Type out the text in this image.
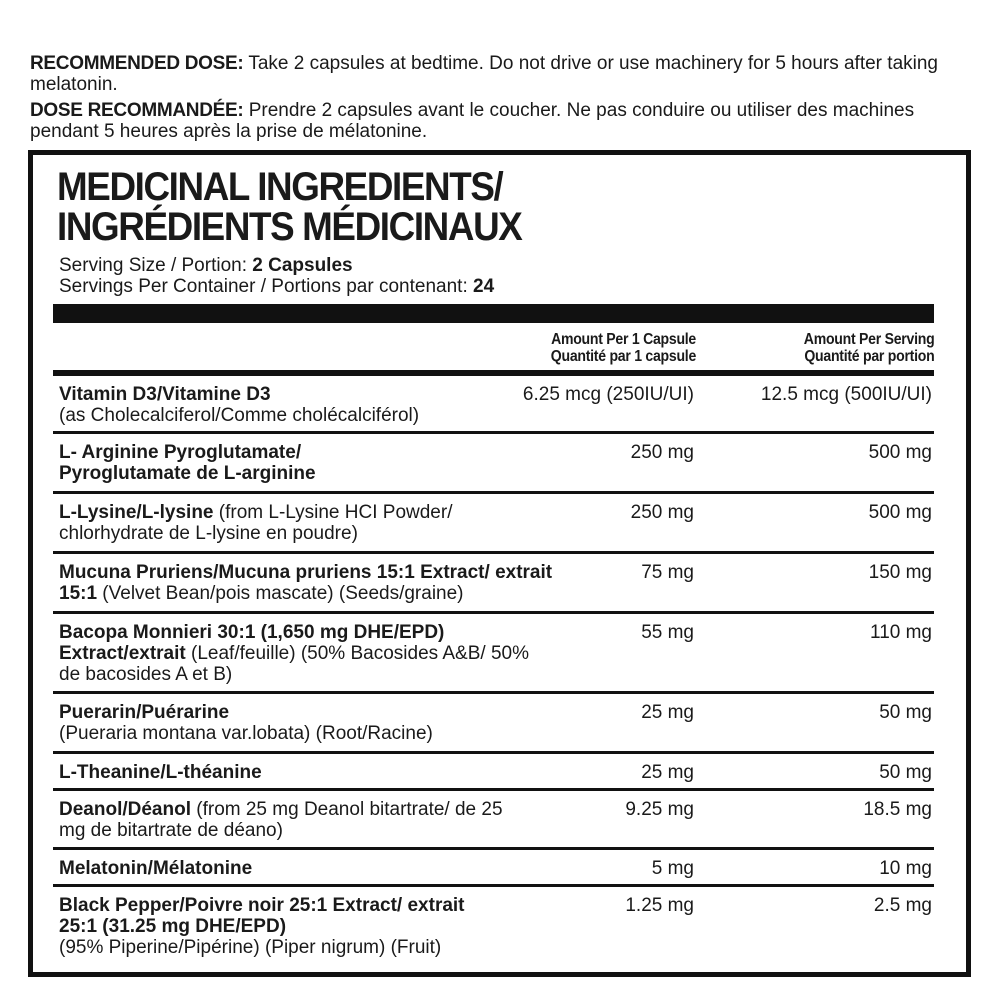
RECOMMENDED DOSE: Take 2 capsules at bedtime. Do not drive or use machinery for 5 hours after taking melatonin.
DOSE RECOMMANDÉE: Prendre 2 capsules avant le coucher. Ne pas conduire ou utiliser des machines pendant 5 heures après la prise de mélatonine.
MEDICINAL INGREDIENTS/
INGRÉDIENTS MÉDICINAUX
Serving Size / Portion: 2 Capsules
Servings Per Container / Portions par contenant: 24
Amount Per 1 Capsule
Quantité par 1 capsule
Amount Per Serving
Quantité par portion
Vitamin D3/Vitamine D3
(as Cholecalciferol/Comme cholécalciférol)
6.25 mcg (250IU/UI)	12.5 mcg (500IU/UI)
L- Arginine Pyroglutamate/ Pyroglutamate de L-arginine
250 mg	500 mg
L-Lysine/L-lysine (from L-Lysine HCI Powder/ chlorhydrate de L-lysine en poudre)
250 mg	500 mg
Mucuna Pruriens/Mucuna pruriens 15:1 Extract/ extrait 15:1 (Velvet Bean/pois mascate) (Seeds/graine)
75 mg	150 mg
Bacopa Monnieri 30:1 (1,650 mg DHE/EPD) Extract/extrait (Leaf/feuille) (50% Bacosides A&B/ 50% de bacosides A et B)
55 mg	110 mg
Puerarin/Puérarine
(Pueraria montana var.lobata) (Root/Racine)
25 mg	50 mg
L-Theanine/L-théanine	25 mg	50 mg
Deanol/Déanol (from 25 mg Deanol bitartrate/ de 25 mg de bitartrate de déano)
9.25 mg	18.5 mg
Melatonin/Mélatonine	5 mg	10 mg
Black Pepper/Poivre noir 25:1 Extract/ extrait 25:1 (31.25 mg DHE/EPD)
(95% Piperine/Pipérine) (Piper nigrum) (Fruit)
1.25 mg	2.5 mg
